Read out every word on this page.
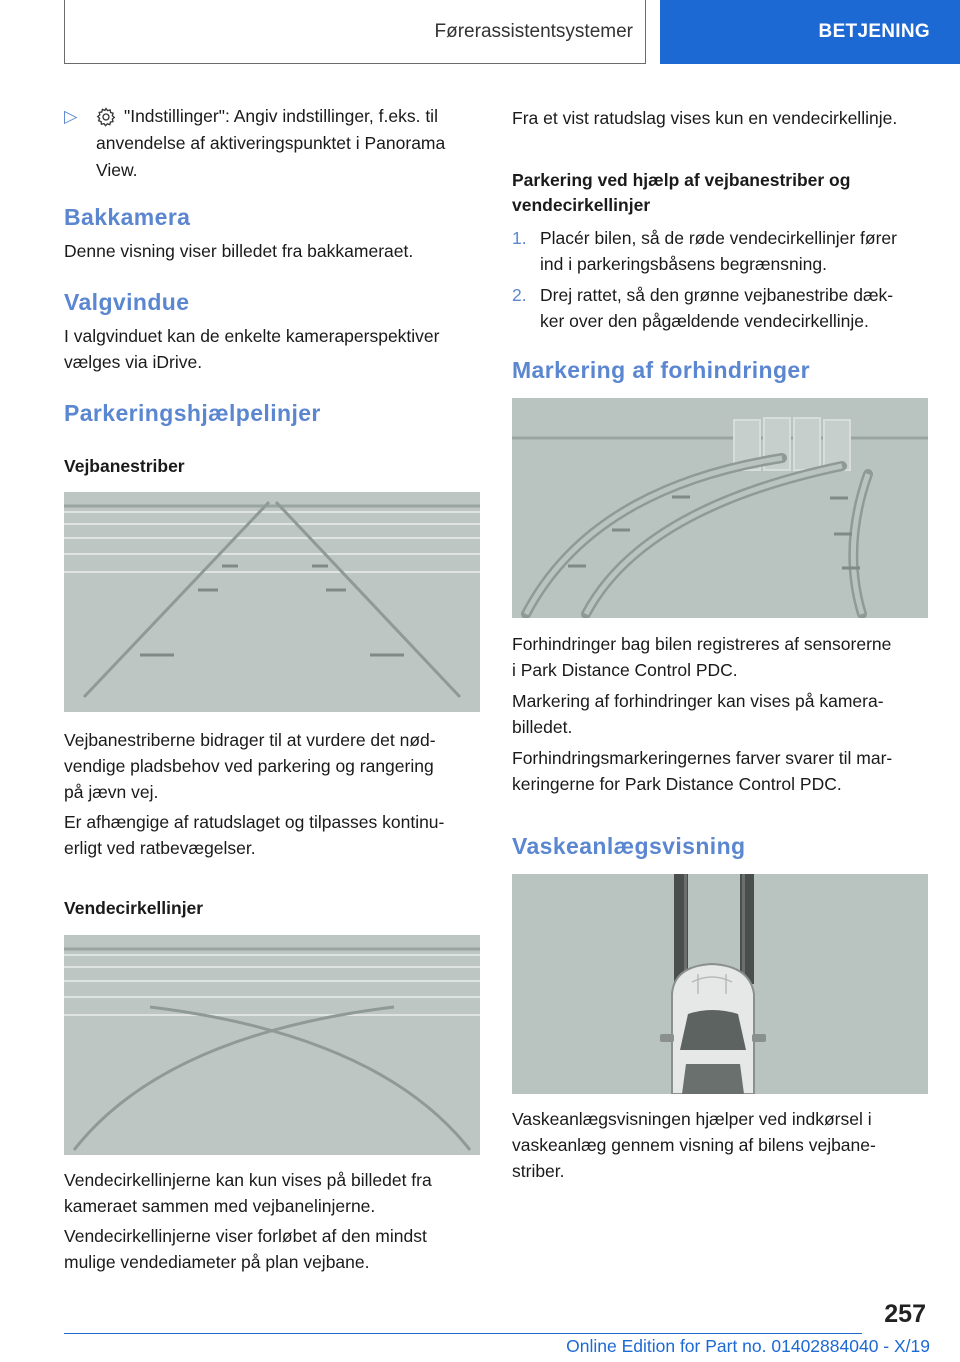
Førerassistentsystemer	BETJENING
▷	"Indstillinger": Angiv indstillinger, f.eks. til

anvendelse af aktiveringspunktet i Panorama

View.

Bakkamera

Denne visning viser billedet fra bakkameraet.

Valgvindue

I valgvinduet kan de enkelte kameraperspektiver

vælges via iDrive.

Parkeringshjælpelinjer

Vejbanestriber

Vejbanestriberne bidrager til at vurdere det nød-

vendige pladsbehov ved parkering og rangering

på jævn vej.

Er afhængige af ratudslaget og tilpasses kontinu-

erligt ved ratbevægelser.

Vendecirkellinjer

Vendecirkellinjerne kan kun vises på billedet fra

kameraet sammen med vejbanelinjerne.

Vendecirkellinjerne viser forløbet af den mindst

mulige vendediameter på plan vejbane.

Fra et vist ratudslag vises kun en vendecirkellinje.

Parkering ved hjælp af vejbanestriber og

vendecirkellinjer

1. Placér bilen, så de røde vendecirkellinjer fører
ind i parkeringsbåsens begrænsning.
2. Drej rattet, så den grønne vejbanestribe dæk-
ker over den pågældende vendecirkellinje.
Markering af forhindringer

Forhindringer bag bilen registreres af sensorerne

i Park Distance Control PDC.

Markering af forhindringer kan vises på kamera-

billedet.

Forhindringsmarkeringernes farver svarer til mar-

keringerne for Park Distance Control PDC.

Vaskeanlægsvisning

Vaskeanlægsvisningen hjælper ved indkørsel i

vaskeanlæg gennem visning af bilens vejbane-

striber.

257
Online Edition for Part no. 01402884040 - X/19
